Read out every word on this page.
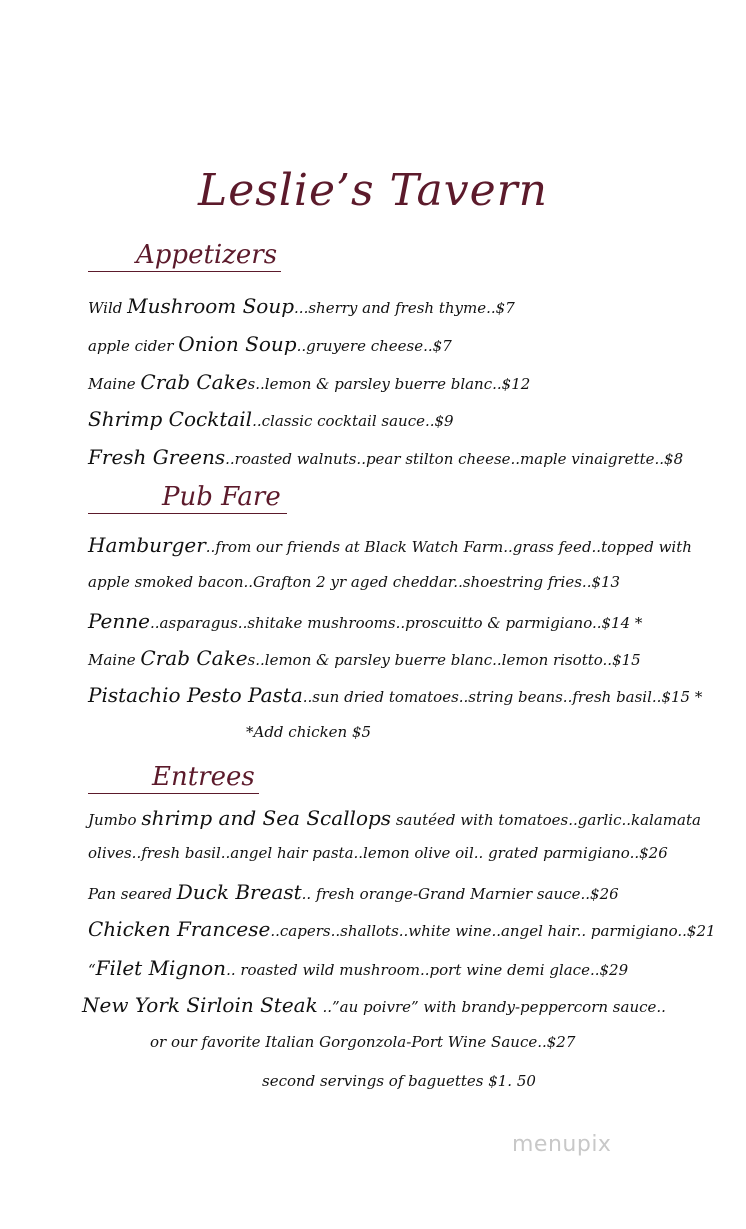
Leslie’s Tavern
Appetizers
Wild Mushroom Soup...sherry and fresh thyme..$7
apple cider Onion Soup..gruyere cheese..$7
Maine Crab Cakes..lemon & parsley buerre blanc..$12
Shrimp Cocktail..classic cocktail sauce..$9
Fresh Greens..roasted walnuts..pear stilton cheese..maple vinaigrette..$8
Pub Fare
Hamburger..from our friends at Black Watch Farm..grass feed..topped with
apple smoked bacon..Grafton 2 yr aged cheddar..shoestring fries..$13
Penne..asparagus..shitake mushrooms..proscuitto & parmigiano..$14 *
Maine Crab Cakes..lemon & parsley buerre blanc..lemon risotto..$15
Pistachio Pesto Pasta..sun dried tomatoes..string beans..fresh basil..$15 *
*Add chicken $5
Entrees
Jumbo shrimp and Sea Scallops sautéed with tomatoes..garlic..kalamata
olives..fresh basil..angel hair pasta..lemon olive oil.. grated parmigiano..$26
Pan seared Duck Breast.. fresh orange-Grand Marnier sauce..$26
Chicken Francese..capers..shallots..white wine..angel hair.. parmigiano..$21
“Filet Mignon.. roasted wild mushroom..port wine demi glace..$29
New York Sirloin Steak ..”au poivre” with brandy-peppercorn sauce..
or our favorite Italian Gorgonzola-Port Wine Sauce..$27
second servings of baguettes $1. 50
menupix
